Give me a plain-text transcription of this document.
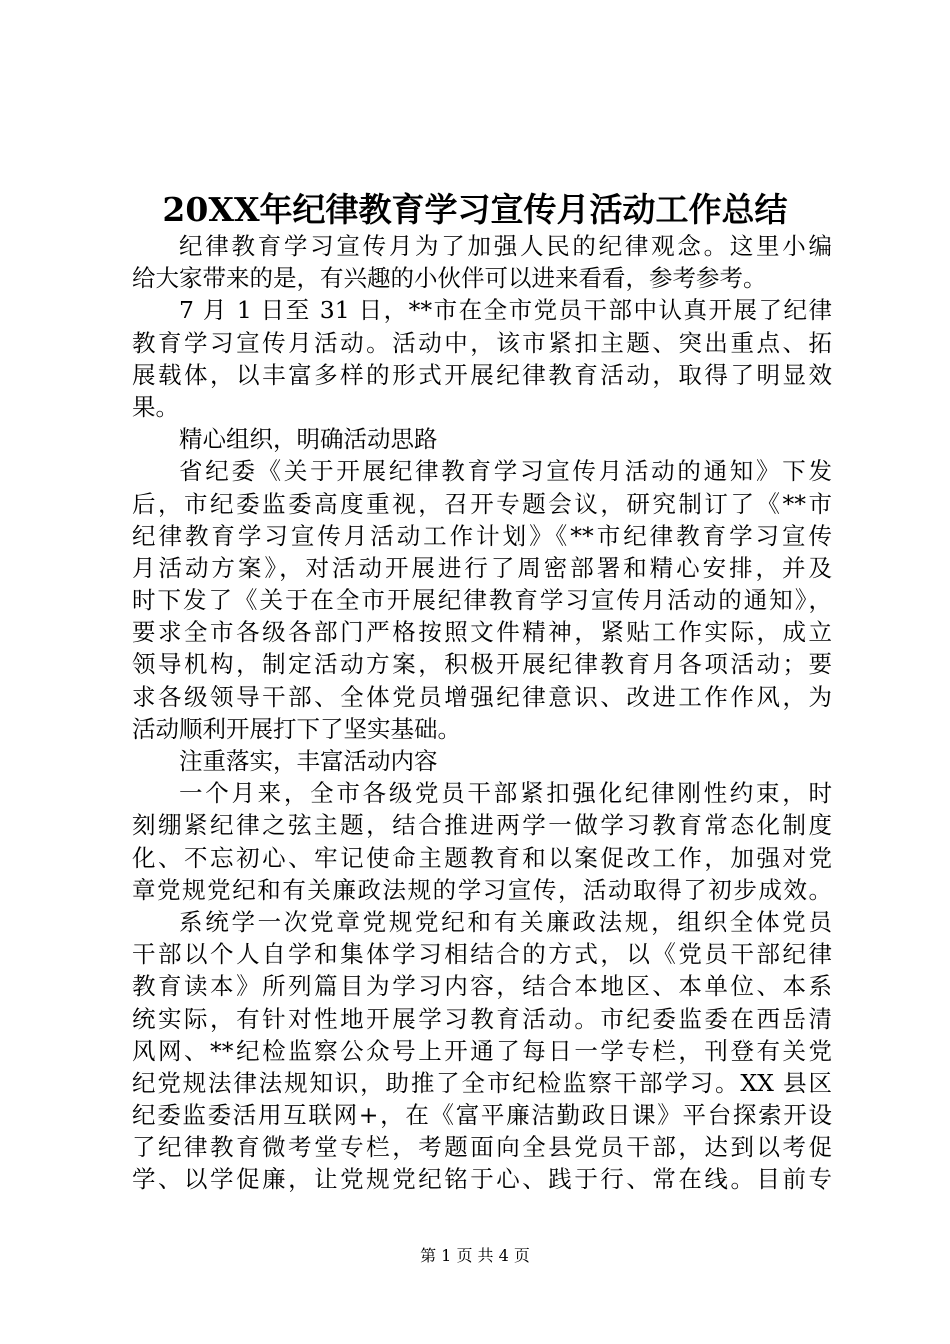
20XX年纪律教育学习宣传月活动工作总结
纪律教育学习宣传月为了加强人民的纪律观念。这里小编
给大家带来的是，有兴趣的小伙伴可以进来看看，参考参考。
7 月 1 日至 31 日，**市在全市党员干部中认真开展了纪律
教育学习宣传月活动。活动中，该市紧扣主题、突出重点、拓
展载体，以丰富多样的形式开展纪律教育活动，取得了明显效
果。
精心组织，明确活动思路
省纪委《关于开展纪律教育学习宣传月活动的通知》下发
后，市纪委监委高度重视，召开专题会议，研究制订了《**市
纪律教育学习宣传月活动工作计划》《**市纪律教育学习宣传
月活动方案》，对活动开展进行了周密部署和精心安排，并及
时下发了《关于在全市开展纪律教育学习宣传月活动的通知》，
要求全市各级各部门严格按照文件精神，紧贴工作实际，成立
领导机构，制定活动方案，积极开展纪律教育月各项活动；要
求各级领导干部、全体党员增强纪律意识、改进工作作风，为
活动顺利开展打下了坚实基础。
注重落实，丰富活动内容
一个月来，全市各级党员干部紧扣强化纪律刚性约束，时
刻绷紧纪律之弦主题，结合推进两学一做学习教育常态化制度
化、不忘初心、牢记使命主题教育和以案促改工作，加强对党
章党规党纪和有关廉政法规的学习宣传，活动取得了初步成效。
系统学一次党章党规党纪和有关廉政法规，组织全体党员
干部以个人自学和集体学习相结合的方式，以《党员干部纪律
教育读本》所列篇目为学习内容，结合本地区、本单位、本系
统实际，有针对性地开展学习教育活动。市纪委监委在西岳清
风网、**纪检监察公众号上开通了每日一学专栏，刊登有关党
纪党规法律法规知识，助推了全市纪检监察干部学习。XX 县区
纪委监委活用互联网+，在《富平廉洁勤政日课》平台探索开设
了纪律教育微考堂专栏，考题面向全县党员干部，达到以考促
学、以学促廉，让党规党纪铭于心、践于行、常在线。目前专
第 1 页 共 4 页
